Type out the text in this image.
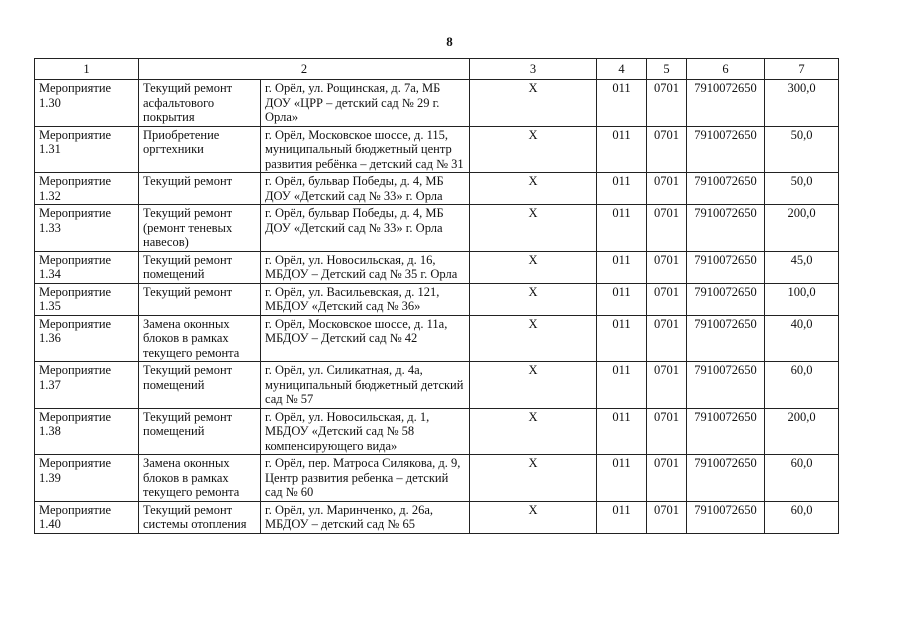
8
1	2		3	4	5	6	7
Мероприятие 1.30	Текущий ремонт асфальтового покрытия	г. Орёл, ул. Рощинская, д. 7а, МБ ДОУ «ЦРР – детский сад № 29 г. Орла»	X	011	0701	7910072650	300,0
Мероприятие 1.31	Приобретение оргтехники	г. Орёл, Московское шоссе, д. 115, муниципальный бюджетный центр развития ребёнка – детский сад № 31	X	011	0701	7910072650	50,0
Мероприятие 1.32	Текущий ремонт	г. Орёл, бульвар Победы, д. 4, МБ ДОУ «Детский сад № 33» г. Орла	X	011	0701	7910072650	50,0
Мероприятие 1.33	Текущий ремонт (ремонт теневых навесов)	г. Орёл, бульвар Победы, д. 4, МБ ДОУ «Детский сад № 33» г. Орла	X	011	0701	7910072650	200,0
Мероприятие 1.34	Текущий ремонт помещений	г. Орёл, ул. Новосильская, д. 16, МБДОУ – Детский сад № 35 г. Орла	X	011	0701	7910072650	45,0
Мероприятие 1.35	Текущий ремонт	г. Орёл, ул. Васильевская, д. 121, МБДОУ «Детский сад № 36»	X	011	0701	7910072650	100,0
Мероприятие 1.36	Замена оконных блоков в рамках текущего ремонта	г. Орёл, Московское шоссе, д. 11а, МБДОУ – Детский сад № 42	X	011	0701	7910072650	40,0
Мероприятие 1.37	Текущий ремонт помещений	г. Орёл, ул. Силикатная, д. 4а, муниципальный бюджетный детский сад № 57	X	011	0701	7910072650	60,0
Мероприятие 1.38	Текущий ремонт помещений	г. Орёл, ул. Новосильская, д. 1, МБДОУ «Детский сад № 58 компенсирующего вида»	X	011	0701	7910072650	200,0
Мероприятие 1.39	Замена оконных блоков в рамках текущего ремонта	г. Орёл, пер. Матроса Силякова, д. 9, Центр развития ребенка – детский сад № 60	X	011	0701	7910072650	60,0
Мероприятие 1.40	Текущий ремонт системы отопления	г. Орёл, ул. Маринченко, д. 26а, МБДОУ – детский сад № 65	X	011	0701	7910072650	60,0
